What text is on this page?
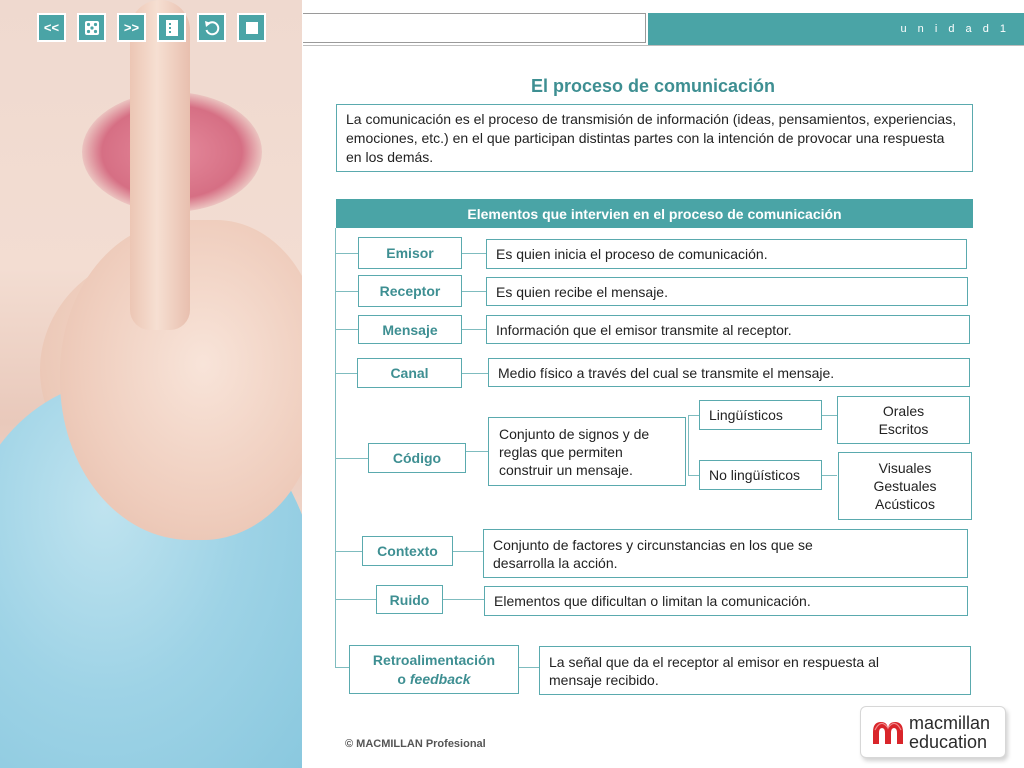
<<	>>	u n i d a d 1
El proceso de comunicación
La comunicación es el proceso de transmisión de información (ideas, pensamientos, experiencias, emociones, etc.) en el que participan distintas partes con la intención de provocar una respuesta en los demás.
Elementos que intervien en el proceso de comunicación
Emisor
Receptor
Mensaje
Canal
Código
Contexto
Ruido
Retroalimentación
o feedback
Es quien inicia el proceso de comunicación.
Es quien recibe el mensaje.
Información que el emisor transmite al receptor.
Medio físico a través del cual se transmite el mensaje.
Conjunto de signos y de reglas que permiten construir un mensaje.
Conjunto de factores y circunstancias en los que se desarrolla la acción.
Elementos que dificultan o limitan la comunicación.
La señal que da el receptor al emisor en respuesta al mensaje recibido.
Lingüísticos
No lingüísticos
Orales
Escritos
Visuales
Gestuales
Acústicos
© MACMILLAN Profesional
macmillan
education
